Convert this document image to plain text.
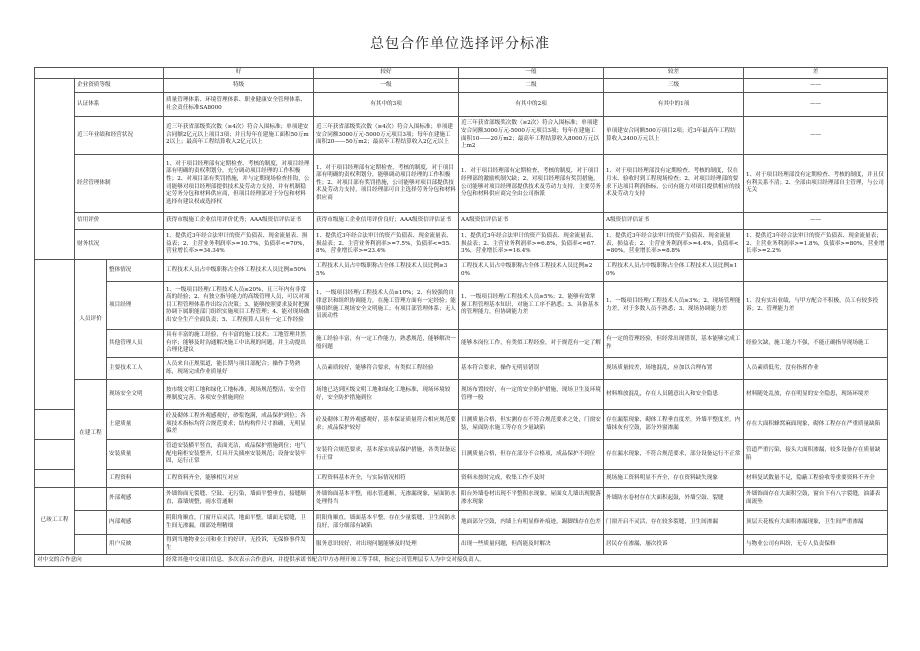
总包合作单位选择评分标准
			好	较好	一般	较差	差
	企业资质等级		特级	一级	二级	三级	——
	认证体系		质量管理体系、环境管理体系、职业健康安全管理体系、社会责任标准SA8000	有其中的3项	有其中的2项	有其中的1项	——
	近三年业绩和经营状况		近三年获省部级奖次数（≥4次）符合入围标准；单项建安合同额2亿元以上项目3项；并且每年在建施工面积50万m2以上；最高年工程结算收入2亿元以上	近三年获省部级奖次数（≥4次）符合入围标准；单项建安合同额3000万元-5000万元项目3项；每年在建施工面积20——50万m2；最高年工程结算收入2亿元以上	近三年获省部级奖次数（≥2次）符合入围标准；单项建安合同额3000万元-5000万元项目3项；每年在建施工面积10——20万m2；最高年工程结算收入8000万元以上m2	单项建安合同额500万项目2项；近3年最高年工程结算收入2400万元以上	——
	经营管理体制		1、对于项目经理部有定期检查、考核的制度，对项目经理部有明确的责权利划分，充分调动项目经理的工作积极性；2、对项目部有奖罚措施，并与定期现场检查挂钩，公司能够对项目经理部提供技术及劳动力支持，并有机制稳定劳务分包和材料供应商，但项目经理部对于分包和材料选择有建议权或选择权	1、对于项目经理部有定期检查，考核的制度，对于项目部有明确的责权利划分，能够调动项目经理的工作积极性；2、对项目部有奖罚措施，公司能够对项目部提供技术及劳动力支持，项目经理部可自主选择劳务分包和材料供应商	1、对于项目经理部有定期检查，考核的制度，对于项目经理部的激励机制欠缺；2、对项目经理部有奖罚措施，公司能够对项目经理部提供技术及劳动力支持，主要劳务分包和材料供应商完全由公司指派	1、对于项目经理部没有定期检查、考核的制度，仅在月末、验收时到工程现场检查；2、对项目经理部的要求下达项目利润指标，公司有能力对项目提供相应的技术及劳动力支持	1、对于项目经理部没有定期检查、考核的制度，并且仅有利关系不清；2、全部由项目经理部自主管理，与公司无关
	信用评价		获得市级施工企业信用评价优秀；AAA级资信评估证书	获得市级施工企业信用评价良好；AAA级资信评估证书	AA级资信评估证书	A级资信评估证书	——
	财务状况		1、提供近3年经合法审计的资产负债表、现金流量表、损益表；2、主营业务利润率>=10.7%，负债率<=70%，营业增长率>=34.34%	1、提供近3年经合法审计的资产负债表、现金流量表、损益表；2、主营业务利润率>=7.5%，负债率<=55.8%，营业增长率>=23.4%	1、提供近3年经合法审计的资产负债表、现金流量表、损益表；2、主营业务利润率>=6.8%，负债率<=67.3%，营业增长率>=16.4%	1、提供近3年经合法审计的资产负债表、现金流量表、损益表；2、主营业务利润率>=4.4%，负债率<=80%，营业增长率>=8.8%	1、提供近3年经合法审计的资产负债表、现金流量表；2、主营业务利润率>=1.8%，负债率>=80%，营业增长率>=2.2%
	人员评价	整体情况	工程技术人员占中级职称占全体工程技术人员比例≥50%	工程技术人员占中级职称占全体工程技术人员比例≥35%	工程技术人员占中级职称占全体工程技术人员比例≥20%	工程技术人员占中级职称占全体工程技术人员比例≥10%	
		项目经理	1、一级项目经理/工程技术人员≥20%，且三年内有非常高的经验；2、有独立指导能力的高级管理人员，可以对项目工程管理体系作出综合决策；3、能够按照要求及时把握协调下属职能部门组织实施项目工程管理；4、能对现场做出安全生产全面负责；5、工程预算人员有一定工作经验	1、一级项目经理/工程技术人员≥10%；2、有较强的自律意识和组织协调能力，在施工管理方面有一定经验；能够组织施工现场安全文明施工；有项目部管理体系；无人员流动性	1、一级项目经理/工程技术人员≥5%；2、能够有效掌握工程管理基本知识，对施工工序不熟悉；3、具备基本的管理能力，但协调能力差	1、一级项目经理/工程技术人员≥3%；2、现场管理能力差，对于多数人员不熟悉；3、现场协调能力差	1、没有实出业绩，与甲方配合不积极，员工有较多投诉；2、管理能力差
		其他管理人员	具有丰富的施工经验，有丰富的施工技术；工地管理井然有序；能够及时沟通解决施工中出现的问题，并主动提出合理化建议	施工经验丰富，有一定工作能力，熟悉规范，能够解决一般问题	能够本岗位工作，有类似工程经验，对于规范有一定了解	有一定的管理经验，但经常出现错误，基本能够完成工作	经验欠缺，施工能力不强，不能正确指导现场施工
		主要技术工人	人员来自正规渠道，能长期与项目部配合；操作手势熟练，现场完成作业质量好	人员素质较好，能够符合要求，有类似工程经验	基本符合要求，操作无明显错误	现场质量较差，场地混乱，应加以合理布置	人员素质低劣，没有指挥作业
	在建工程	现场安全文明	按市级文明工地和绿化工地标准，现场规范整洁，安全管理制度完善，各项安全措施到位	场地已达到区级文明工地和绿化工地标准，现场环境较好，安全防护措施到位	现场布置较好，有一定的安全防护措施，现场卫生及环境管理一般	材料堆放混乱，存在人员随意出入和安全隐患	材料随处乱放，存在明显的安全隐患，现场环境差
		土建质量	砼及砌体工程外观感观好，砂浆饱满，成品保护到位；各项技术指标均符合规范要求；结构构件尺寸准确，无明显偏差	砼及砌体工程外观感观好，基本保证质量符合相应规范要求；成品保护较好	日测质量合格，但实测存在不符合规范要求之处，门窗安装，屋面防水施工等存在少量缺陷	存在漏浆现象，砌体工程垂直度差，外墙平整度差，内墙抹灰有空鼓，部分外窗渗漏	存在大面积蜂窝麻面现象，砌体工程存在严重质量缺陷
		安装质量	管道安装横平竖直，表面光洁，成品保护措施到位；电气配电箱柜安装整齐，灯具开关插座安装规范；设备安装牢固，运行正常	安装符合规范要求，基本落实成品保护措施，各类设备运行正常	日测质量合格，但存在部分不合格项，成品保护不到位	存在漏水现象，不符合规范要求，部分设备运行不正常	管道严重污染，接头大面积渗漏，较多设备存在质量缺陷
		工程资料	工程资料齐全，能够相互对应	工程资料基本齐全，与实际情况相符	资料未按时完成，收集工作不及时	现场施工资料明显不齐全，存在资料缺失现象	材料复试数量不足，隐蔽工程验收等重要资料不齐全
已竣工工程		外部观感	外墙饰面无裂缝、空鼓、无污染，墙面平整垂直，接缝顺直，幕墙规整，雨水管通顺	外墙饰面基本平整，雨水管通顺，无渗漏现象，屋面防水处理得当	阳台外墙卷材出现不平整积水现象，屋面女儿墙出现脱落渗水现象	外墙防水卷材存在大面积起鼓，外墙空鼓、裂缝	外墙饰面存在大面积空鼓，窗台下有八字裂缝，油漆表面流坠
		内部观感	阴阳角顺直，门窗开启灵活，地面平整，墙面无裂缝，卫生间无渗漏，细部处理精细	阴阳角顺直，墙面基本平整，存在少量裂缝，卫生间防水良好，部分细部有缺陷	地面部分空鼓，内墙上有明显修补痕迹，踢脚线存在色差	门窗开启不灵活，存在较多裂缝，卫生间渗漏	顶层天花板有大面积渗漏现象，卫生间严重渗漏
		用户反映	得到当地物业公司和业主的好评，无投诉，无保修事件发生	服务意识较好，对出现问题能够及时处理	出现一些质量问题，但尚能及时解决	居民存在渗漏，屡次投诉	与物业公司有纠纷，无专人负责保修
对中交的合作意向			经常其他中交项目信息，多次表示合作意向，并提供承诺书配合甲方办理开竣工等手续，指定公司管理层专人为中交对接负责人。				
